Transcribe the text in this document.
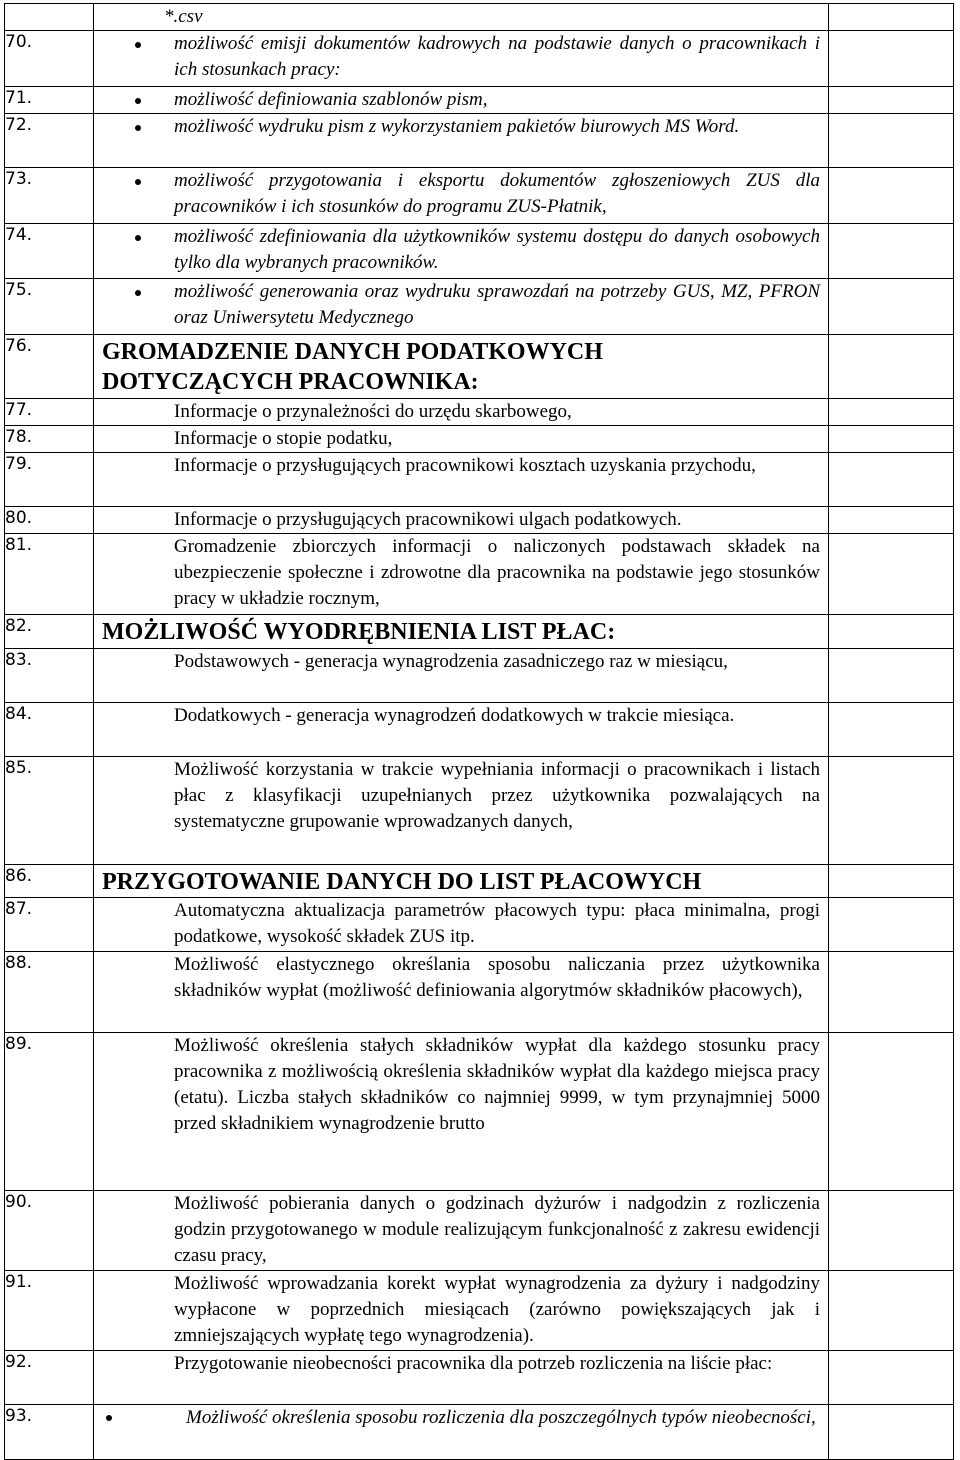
	*.csv	

70.	możliwość emisji dokumentów kadrowych na podstawie danych o pracownikach i ich stosunkach pracy:	

71.	możliwość definiowania szablonów pism,	

72.	możliwość wydruku pism z wykorzystaniem pakietów biurowych MS Word.	

73.	możliwość przygotowania i eksportu dokumentów zgłoszeniowych ZUS dla pracowników i ich stosunków do programu ZUS-Płatnik,	

74.	możliwość zdefiniowania dla użytkowników systemu dostępu do danych osobowych tylko dla wybranych pracowników.	

75.	możliwość generowania oraz wydruku sprawozdań na potrzeby GUS, MZ, PFRON oraz Uniwersytetu Medycznego	

76.	GROMADZENIE DANYCH PODATKOWYCH DOTYCZĄCYCH PRACOWNIKA:	

77.	Informacje o przynależności do urzędu skarbowego,	

78.	Informacje o stopie podatku,	

79.	Informacje o przysługujących pracownikowi kosztach uzyskania przychodu,	

80.	Informacje o przysługujących pracownikowi ulgach podatkowych.	

81.	Gromadzenie zbiorczych informacji o naliczonych podstawach składek na ubezpieczenie społeczne i zdrowotne dla pracownika na podstawie jego stosunków pracy w układzie rocznym,	

82.	MOŻLIWOŚĆ WYODRĘBNIENIA LIST PŁAC:	

83.	Podstawowych - generacja wynagrodzenia zasadniczego raz w miesiącu,	

84.	Dodatkowych - generacja wynagrodzeń dodatkowych w trakcie miesiąca.	

85.	Możliwość korzystania w trakcie wypełniania informacji o pracownikach i listach płac z klasyfikacji uzupełnianych przez użytkownika pozwalających na systematyczne grupowanie wprowadzanych danych,	

86.	PRZYGOTOWANIE DANYCH DO LIST PŁACOWYCH	

87.	Automatyczna aktualizacja parametrów płacowych typu: płaca minimalna, progi podatkowe, wysokość składek ZUS itp.	

88.	Możliwość elastycznego określania sposobu naliczania przez użytkownika składników wypłat (możliwość definiowania algorytmów składników płacowych),	

89.	Możliwość określenia stałych składników wypłat dla każdego stosunku pracy pracownika z możliwością określenia składników wypłat dla każdego miejsca pracy (etatu). Liczba stałych składników co najmniej 9999, w tym przynajmniej 5000 przed składnikiem wynagrodzenie brutto	

90.	Możliwość pobierania danych o godzinach dyżurów i nadgodzin z rozliczenia godzin przygotowanego w module realizującym funkcjonalność z zakresu ewidencji czasu pracy,	

91.	Możliwość wprowadzania korekt wypłat wynagrodzenia za dyżury i nadgodziny wypłacone w poprzednich miesiącach (zarówno powiększających jak i zmniejszających wypłatę tego wynagrodzenia).	

92.	Przygotowanie nieobecności pracownika dla potrzeb rozliczenia na liście płac:	

93.	Możliwość określenia sposobu rozliczenia dla poszczególnych typów nieobecności,	
